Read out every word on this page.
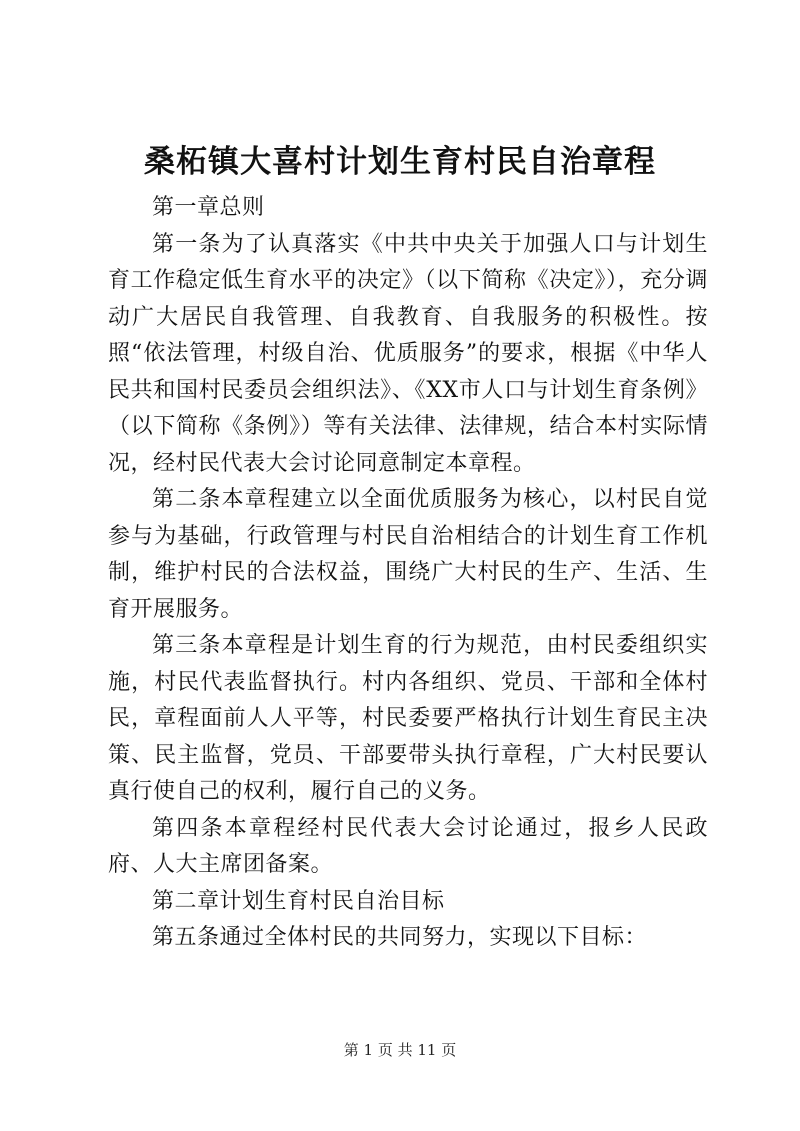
桑柘镇大喜村计划生育村民自治章程

第一章总则

第一条为了认真落实《中共中央关于加强人口与计划生育工作稳定低生育水平的决定》（以下简称《决定》），充分调动广大居民自我管理、自我教育、自我服务的积极性。按照“依法管理，村级自治、优质服务”的要求，根据《中华人民共和国村民委员会组织法》、《XX市人口与计划生育条例》（以下简称《条例》）等有关法律、法律规，结合本村实际情况，经村民代表大会讨论同意制定本章程。

第二条本章程建立以全面优质服务为核心，以村民自觉参与为基础，行政管理与村民自治相结合的计划生育工作机制，维护村民的合法权益，围绕广大村民的生产、生活、生育开展服务。

第三条本章程是计划生育的行为规范，由村民委组织实施，村民代表监督执行。村内各组织、党员、干部和全体村民，章程面前人人平等，村民委要严格执行计划生育民主决策、民主监督，党员、干部要带头执行章程，广大村民要认真行使自己的权利，履行自己的义务。

第四条本章程经村民代表大会讨论通过，报乡人民政府、人大主席团备案。

第二章计划生育村民自治目标

第五条通过全体村民的共同努力，实现以下目标：

第 1 页 共 11 页
